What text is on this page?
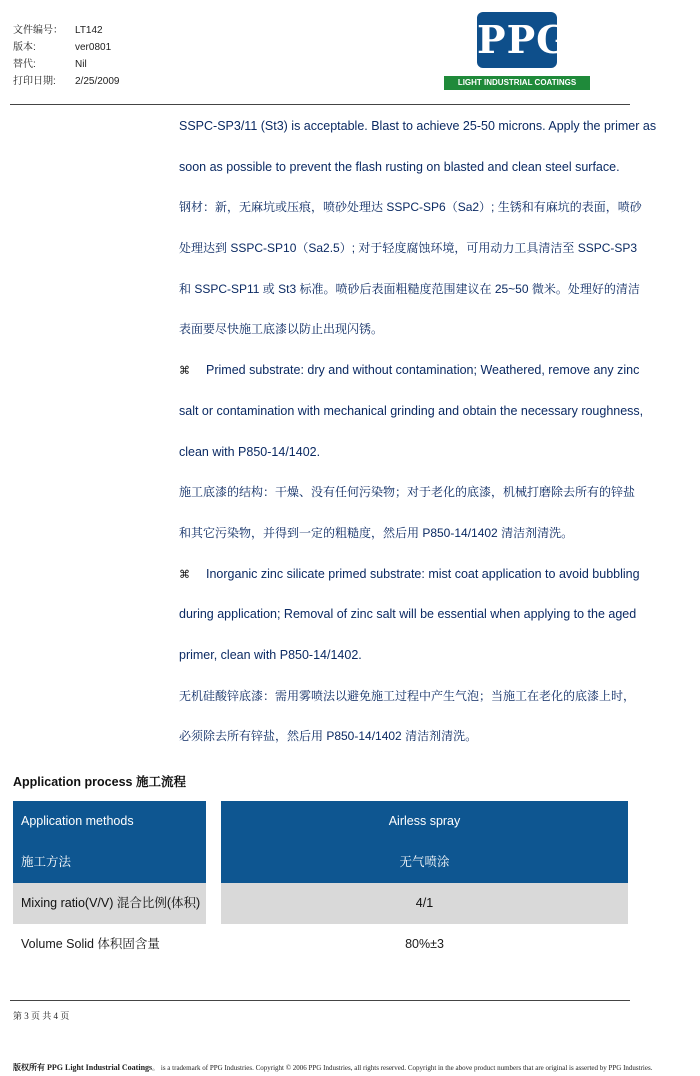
文件编号： LT142
版本:	ver0801
替代:	Nil
打印日期: 2/25/2009
PPG
LIGHT INDUSTRIAL COATINGS
SSPC-SP3/11 (St3) is acceptable. Blast to achieve 25-50 microns. Apply the primer as
soon as possible to prevent the flash rusting on blasted and clean steel surface.
钢材：新，无麻坑或压痕，喷砂处理达 SSPC-SP6（Sa2）; 生锈和有麻坑的表面，喷砂
处理达到 SSPC-SP10（Sa2.5）; 对于轻度腐蚀环境，可用动力工具清洁至 SSPC-SP3
和 SSPC-SP11 或 St3 标准。喷砂后表面粗糙度范围建议在 25~50 微米。处理好的清洁
表面要尽快施工底漆以防止出现闪锈。
⌘ Primed substrate: dry and without contamination; Weathered, remove any zinc
salt or contamination with mechanical grinding and obtain the necessary roughness,
clean with P850-14/1402.
施工底漆的结构：干燥、没有任何污染物；对于老化的底漆，机械打磨除去所有的锌盐
和其它污染物，并得到一定的粗糙度，然后用 P850-14/1402 清洁剂清洗。
⌘ Inorganic zinc silicate primed substrate: mist coat application to avoid bubbling
during application; Removal of zinc salt will be essential when applying to the aged
primer, clean with P850-14/1402.
无机硅酸锌底漆：需用雾喷法以避免施工过程中产生气泡；当施工在老化的底漆上时，
必须除去所有锌盐，然后用 P850-14/1402 清洁剂清洗。
Application process 施工流程
Application methods	Airless spray
施工方法	无气喷涂
Mixing ratio(V/V) 混合比例(体积)	4/1
Volume Solid 体积固含量	80%±3
第 3 页 共 4 页
版权所有 PPG Light Industrial Coatings。 is a trademark of PPG Industries. Copyright © 2006 PPG Industries, all rights reserved. Copyright in the above product numbers that are original is asserted by PPG Industries.
